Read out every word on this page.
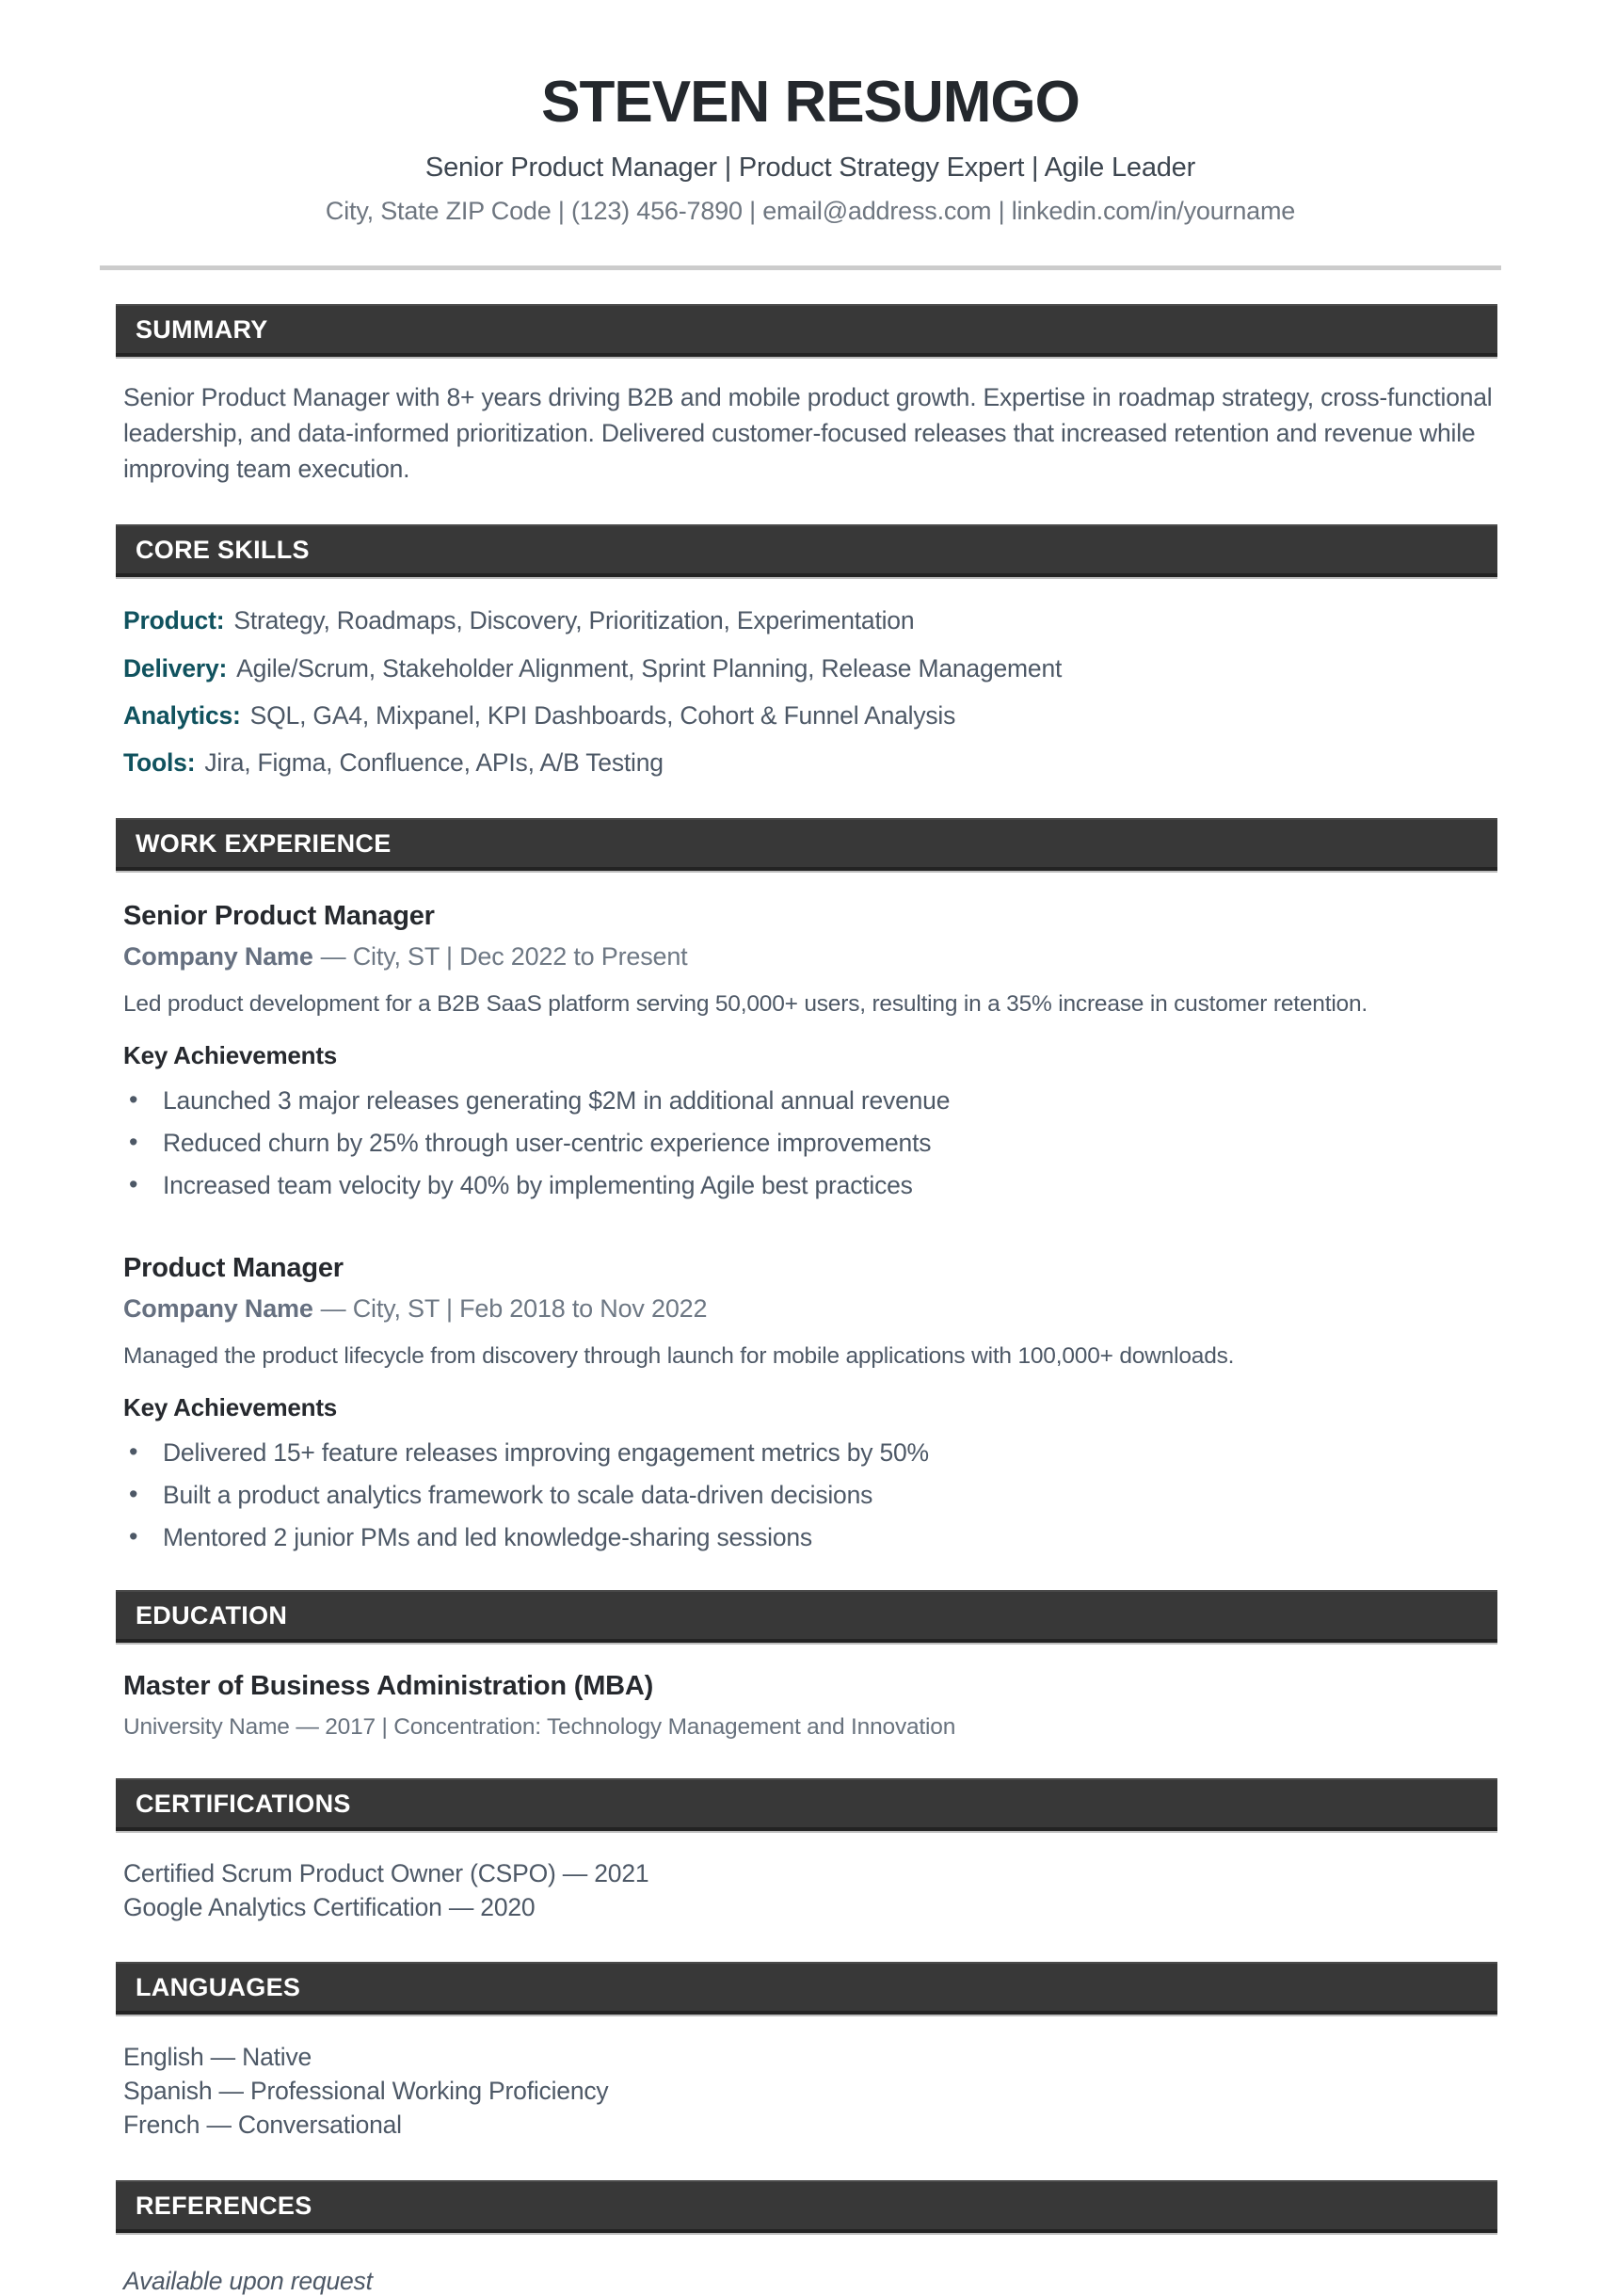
STEVEN RESUMGO
Senior Product Manager | Product Strategy Expert | Agile Leader
City, State ZIP Code | (123) 456-7890 | email@address.com | linkedin.com/in/yourname
SUMMARY

Senior Product Manager with 8+ years driving B2B and mobile product growth. Expertise in roadmap strategy, cross-functional leadership, and data-informed prioritization. Delivered customer-focused releases that increased retention and revenue while improving team execution.

CORE SKILLS
Product: Strategy, Roadmaps, Discovery, Prioritization, Experimentation
Delivery: Agile/Scrum, Stakeholder Alignment, Sprint Planning, Release Management
Analytics: SQL, GA4, Mixpanel, KPI Dashboards, Cohort & Funnel Analysis
Tools: Jira, Figma, Confluence, APIs, A/B Testing
WORK EXPERIENCE
Senior Product Manager
Company Name — City, ST | Dec 2022 to Present

Led product development for a B2B SaaS platform serving 50,000+ users, resulting in a 35% increase in customer retention.

Key Achievements
• Launched 3 major releases generating $2M in additional annual revenue
• Reduced churn by 25% through user-centric experience improvements
• Increased team velocity by 40% by implementing Agile best practices
Product Manager
Company Name — City, ST | Feb 2018 to Nov 2022

Managed the product lifecycle from discovery through launch for mobile applications with 100,000+ downloads.

Key Achievements
• Delivered 15+ feature releases improving engagement metrics by 50%
• Built a product analytics framework to scale data-driven decisions
• Mentored 2 junior PMs and led knowledge-sharing sessions
EDUCATION
Master of Business Administration (MBA)

University Name — 2017 | Concentration: Technology Management and Innovation

CERTIFICATIONS
Certified Scrum Product Owner (CSPO) — 2021
Google Analytics Certification — 2020
LANGUAGES
English — Native
Spanish — Professional Working Proficiency
French — Conversational
REFERENCES

Available upon request
